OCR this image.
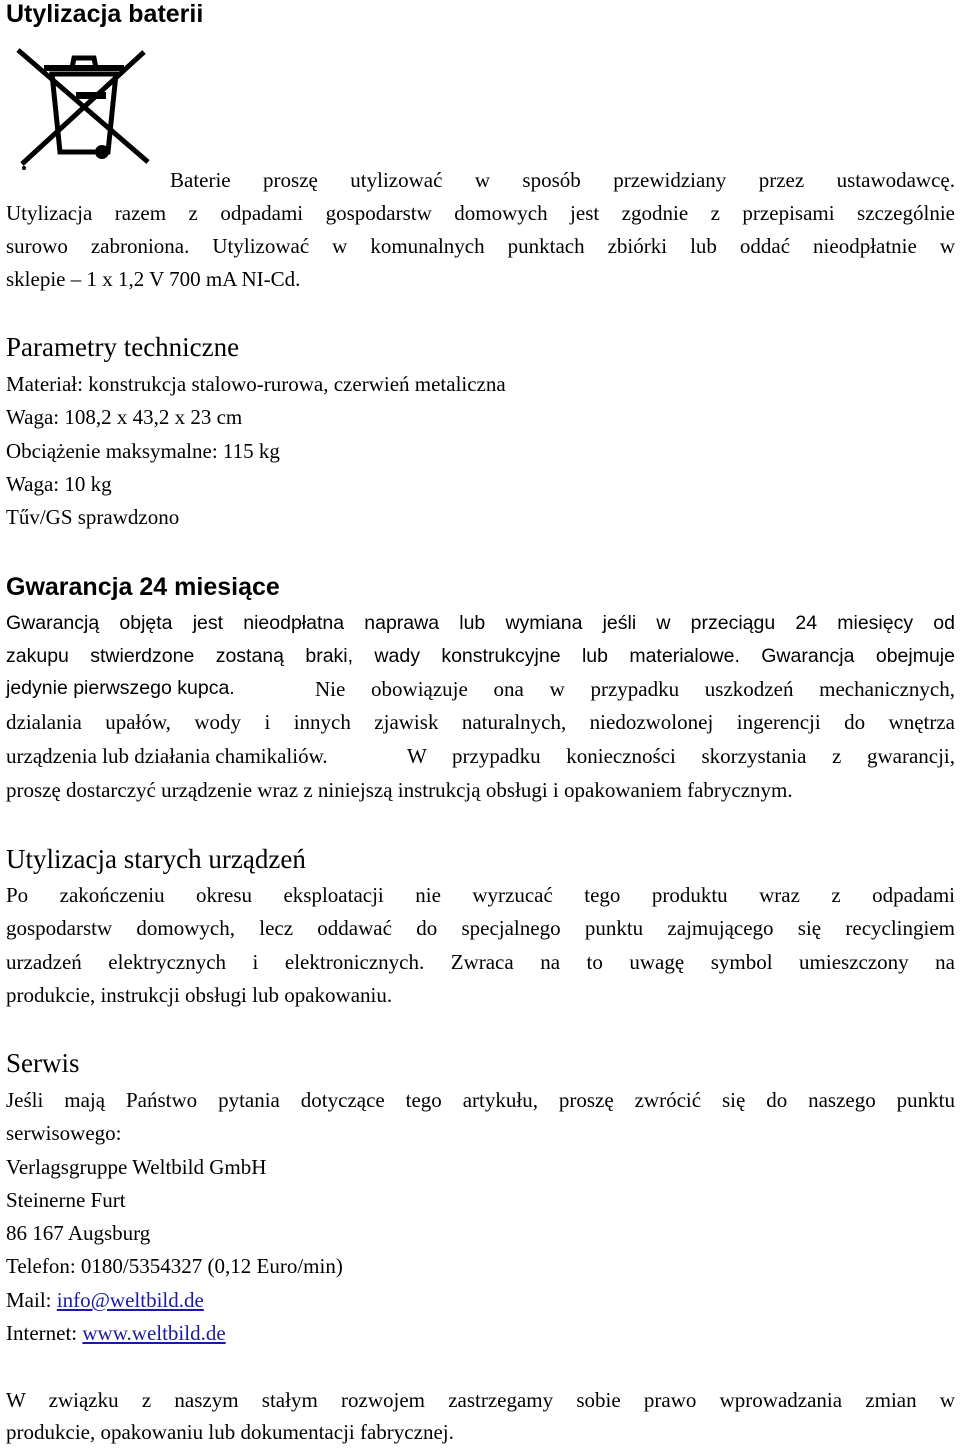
Utylizacja baterii
Baterie proszę utylizować w sposób przewidziany przez ustawodawcę.
Utylizacja razem z odpadami gospodarstw domowych jest zgodnie z przepisami szczególnie
surowo zabroniona. Utylizować w komunalnych punktach zbiórki lub oddać nieodpłatnie w
sklepie – 1 x 1,2 V 700 mA NI-Cd.
Parametry techniczne
Materiał: konstrukcja stalowo-rurowa, czerwień metaliczna
Waga: 108,2 x 43,2 x 23 cm
Obciążenie maksymalne: 115 kg
Waga: 10 kg
Tűv/GS sprawdzono
Gwarancja 24 miesiące
Gwarancją objęta jest nieodpłatna naprawa lub wymiana jeśli w przeciągu 24 miesięcy od
zakupu stwierdzone zostaną braki, wady konstrukcyjne lub materialowe. Gwarancja obejmuje
jedynie pierwszego kupca.	Nie obowiązuje ona w przypadku uszkodzeń mechanicznych,
dzialania upałów, wody i innych zjawisk naturalnych, niedozwolonej ingerencji do wnętrza
urządzenia lub działania chamikaliów.	W przypadku konieczności skorzystania z gwarancji,
proszę dostarczyć urządzenie wraz z niniejszą instrukcją obsługi i opakowaniem fabrycznym.
Utylizacja starych urządzeń
Po zakończeniu okresu eksploatacji nie wyrzucać tego produktu wraz z odpadami
gospodarstw domowych, lecz oddawać do specjalnego punktu zajmującego się recyclingiem
urzadzeń elektrycznych i elektronicznych. Zwraca na to uwagę symbol umieszczony na
produkcie, instrukcji obsługi lub opakowaniu.
Serwis
Jeśli mają Państwo pytania dotyczące tego artykułu, proszę zwrócić się do naszego punktu
serwisowego:
Verlagsgruppe Weltbild GmbH
Steinerne Furt
86 167 Augsburg
Telefon: 0180/5354327 (0,12 Euro/min)
Mail: info@weltbild.de
Internet: www.weltbild.de
W związku z naszym stałym rozwojem zastrzegamy sobie prawo wprowadzania zmian w
produkcie, opakowaniu lub dokumentacji fabrycznej.
